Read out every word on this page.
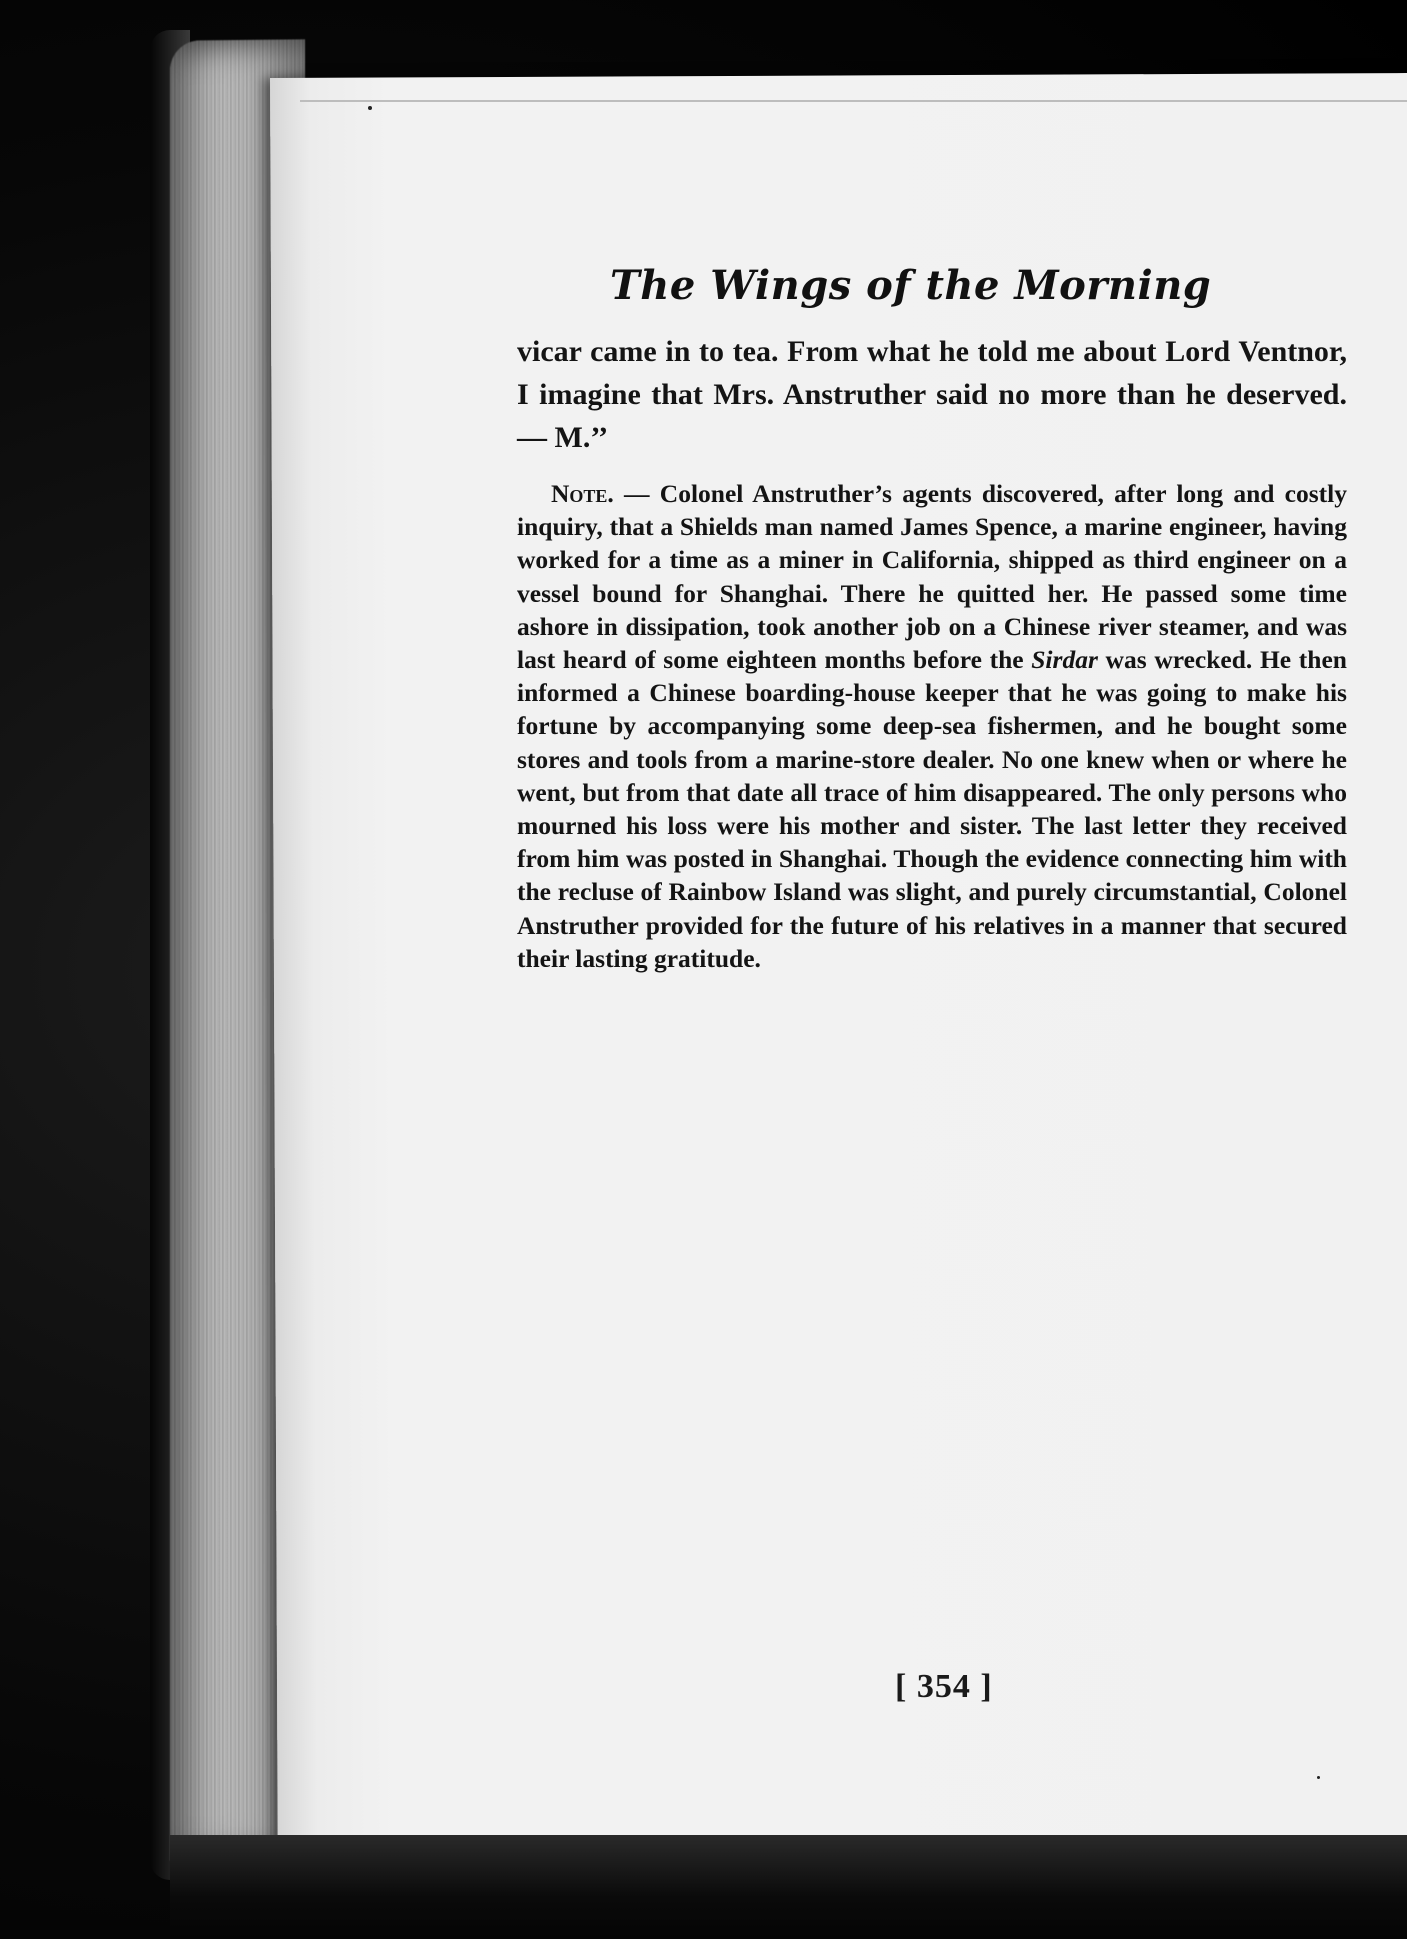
The Wings of the Morning

vicar came in to tea. From what he told me about Lord Ventnor, I imagine that Mrs. Anstruther said no more than he deserved. — M.’’

Note. — Colonel Anstruther’s agents discovered, after long and costly inquiry, that a Shields man named James Spence, a marine engineer, having worked for a time as a miner in California, shipped as third engineer on a vessel bound for Shanghai. There he quitted her. He passed some time ashore in dissipation, took another job on a Chinese river steamer, and was last heard of some eighteen months before the Sirdar was wrecked. He then informed a Chinese boarding-house keeper that he was going to make his fortune by accompanying some deep-sea fishermen, and he bought some stores and tools from a marine-store dealer. No one knew when or where he went, but from that date all trace of him disappeared. The only persons who mourned his loss were his mother and sister. The last letter they received from him was posted in Shanghai. Though the evidence connecting him with the recluse of Rainbow Island was slight, and purely circumstantial, Colonel Anstruther provided for the future of his relatives in a manner that secured their lasting gratitude.

[ 354 ]
